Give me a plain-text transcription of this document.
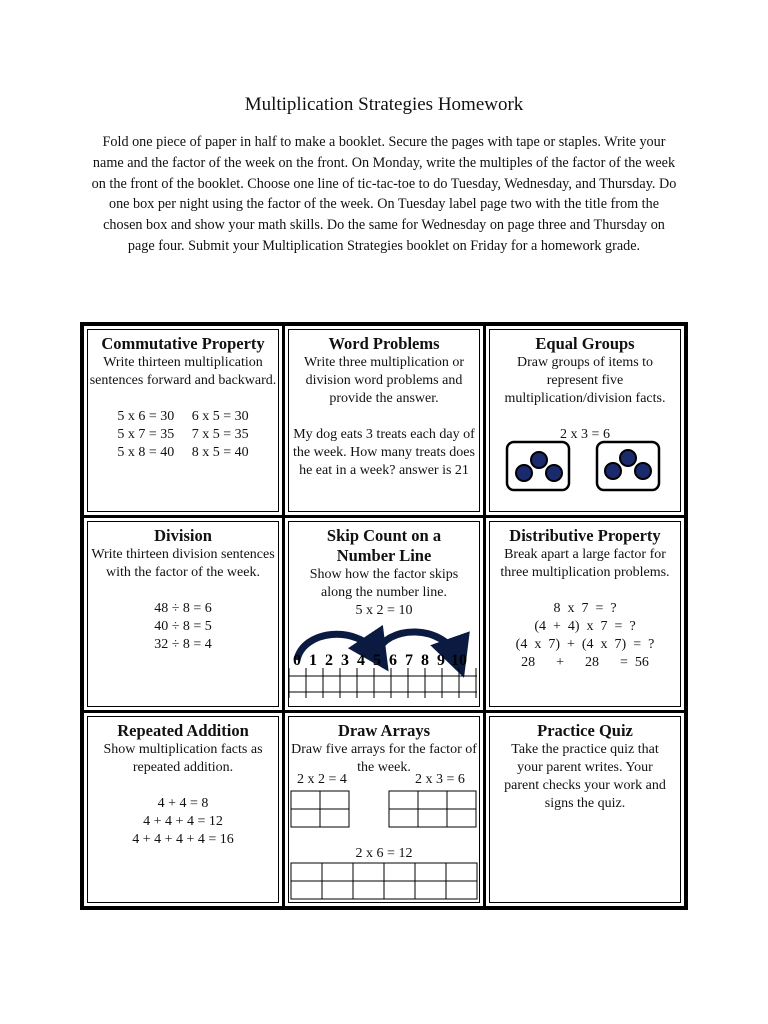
Multiplication Strategies Homework
Fold one piece of paper in half to make a booklet. Secure the pages with tape or staples. Write your name and the factor of the week on the front. On Monday, write the multiples of the factor of the week on the front of the booklet. Choose one line of tic-tac-toe to do Tuesday, Wednesday, and Thursday. Do one box per night using the factor of the week. On Tuesday label page two with the title from the chosen box and show your math skills. Do the same for Wednesday on page three and Thursday on page four. Submit your Multiplication Strategies booklet on Friday for a homework grade.
Commutative Property
Write thirteen multiplication sentences forward and backward.
5 x 6 = 30     6 x 5 = 30
5 x 7 = 35     7 x 5 = 35
5 x 8 = 40     8 x 5 = 40
Word Problems
Write three multiplication or division word problems and provide the answer.
My dog eats 3 treats each day of the week. How many treats does he eat in a week? answer is 21
Equal Groups
Draw groups of items to represent five multiplication/division facts.
2 x 3 = 6
Division
Write thirteen division sentences with the factor of the week.
48 ÷ 8 = 6
40 ÷ 8 = 5
32 ÷ 8 = 4
Skip Count on a Number Line
Show how the factor skips along the number line.
5 x 2 = 10
0 1 2 3 4 5 6 7 8 9 10
Distributive Property
Break apart a large factor for three multiplication problems.
8  x  7  =  ?
(4  +  4)  x  7  =  ?
(4  x  7)  +  (4  x  7)  =  ?
28      +      28      =  56
Repeated Addition
Show multiplication facts as repeated addition.
4 + 4 = 8
4 + 4 + 4 = 12
4 + 4 + 4 + 4 = 16
Draw Arrays
Draw five arrays for the factor of the week.
2 x 2 = 4	2 x 3 = 6
2 x 6 = 12
Practice Quiz
Take the practice quiz that your parent writes. Your parent checks your work and signs the quiz.
